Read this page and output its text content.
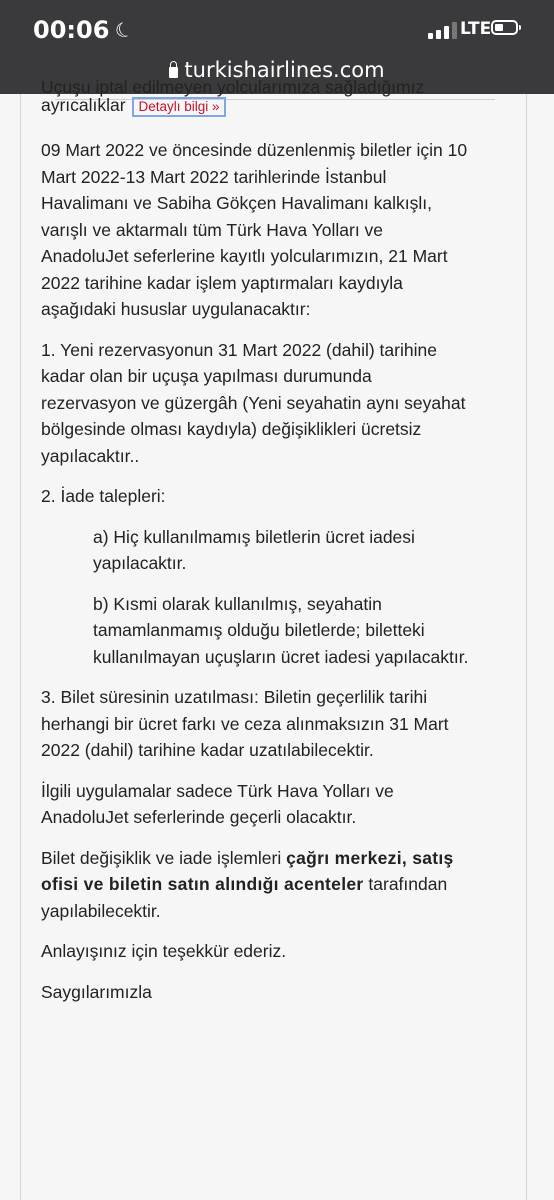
00:06 ☾	LTE
turkishairlines.com
Uçuşu iptal edilmeyen yolcularımıza sağladığımız ayrıcalıklar Detaylı bilgi »

09 Mart 2022 ve öncesinde düzenlenmiş biletler için 10 Mart 2022-13 Mart 2022 tarihlerinde İstanbul Havalimanı ve Sabiha Gökçen Havalimanı kalkışlı, varışlı ve aktarmalı tüm Türk Hava Yolları ve AnadoluJet seferlerine kayıtlı yolcularımızın, 21 Mart 2022 tarihine kadar işlem yaptırmaları kaydıyla aşağıdaki hususlar uygulanacaktır:

1. Yeni rezervasyonun 31 Mart 2022 (dahil) tarihine kadar olan bir uçuşa yapılması durumunda rezervasyon ve güzergâh (Yeni seyahatin aynı seyahat bölgesinde olması kaydıyla) değişiklikleri ücretsiz yapılacaktır..

2. İade talepleri:

a) Hiç kullanılmamış biletlerin ücret iadesi yapılacaktır.

b) Kısmi olarak kullanılmış, seyahatin tamamlanmamış olduğu biletlerde; biletteki kullanılmayan uçuşların ücret iadesi yapılacaktır.

3. Bilet süresinin uzatılması: Biletin geçerlilik tarihi herhangi bir ücret farkı ve ceza alınmaksızın 31 Mart 2022 (dahil) tarihine kadar uzatılabilecektir.

İlgili uygulamalar sadece Türk Hava Yolları ve AnadoluJet seferlerinde geçerli olacaktır.

Bilet değişiklik ve iade işlemleri çağrı merkezi, satış ofisi ve biletin satın alındığı acenteler tarafından yapılabilecektir.

Anlayışınız için teşekkür ederiz.

Saygılarımızla
